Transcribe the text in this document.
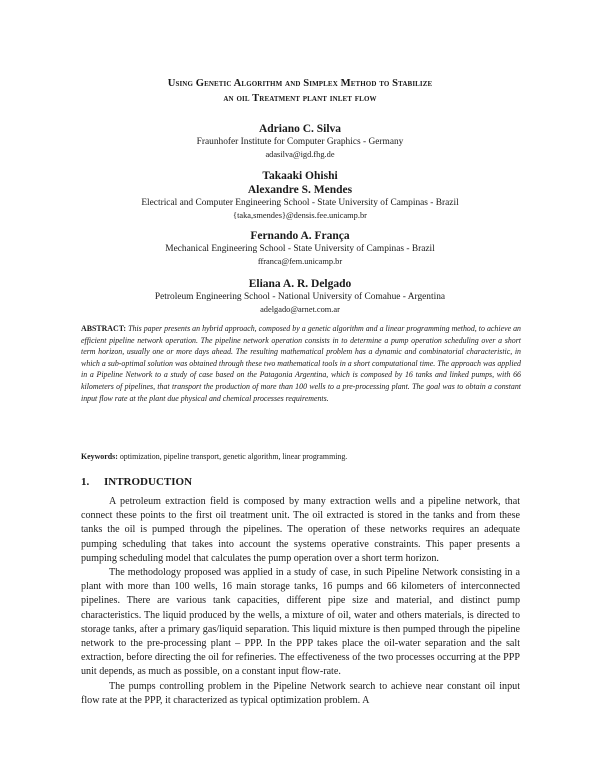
Using Genetic Algorithm and Simplex Method to Stabilize
an oil Treatment plant inlet flow
Adriano C. Silva
Fraunhofer Institute for Computer Graphics - Germany
adasilva@igd.fhg.de
Takaaki Ohishi
Alexandre S. Mendes
Electrical and Computer Engineering School - State University of Campinas - Brazil
{taka,smendes}@densis.fee.unicamp.br
Fernando A. França
Mechanical Engineering School - State University of Campinas - Brazil
ffranca@fem.unicamp.br
Eliana A. R. Delgado
Petroleum Engineering School - National University of Comahue - Argentina
adelgado@arnet.com.ar
ABSTRACT: This paper presents an hybrid approach, composed by a genetic algorithm and a linear programming method, to achieve an efficient pipeline network operation. The pipeline network operation consists in to determine a pump operation scheduling over a short term horizon, usually one or more days ahead. The resulting mathematical problem has a dynamic and combinatorial characteristic, in which a sub-optimal solution was obtained through these two mathematical tools in a short computational time. The approach was applied in a Pipeline Network to a study of case based on the Patagonia Argentina, which is composed by 16 tanks and linked pumps, with 66 kilometers of pipelines, that transport the production of more than 100 wells to a pre-processing plant. The goal was to obtain a constant input flow rate at the plant due physical and chemical processes requirements.
Keywords: optimization, pipeline transport, genetic algorithm, linear programming.
1. INTRODUCTION

A petroleum extraction field is composed by many extraction wells and a pipeline network, that connect these points to the first oil treatment unit. The oil extracted is stored in the tanks and from these tanks the oil is pumped through the pipelines. The operation of these networks requires an adequate pumping scheduling that takes into account the systems operative constraints. This paper presents a pumping scheduling model that calculates the pump operation over a short term horizon.

The methodology proposed was applied in a study of case, in such Pipeline Network consisting in a plant with more than 100 wells, 16 main storage tanks, 16 pumps and 66 kilometers of interconnected pipelines. There are various tank capacities, different pipe size and material, and distinct pump characteristics. The liquid produced by the wells, a mixture of oil, water and others materials, is directed to storage tanks, after a primary gas/liquid separation. This liquid mixture is then pumped through the pipeline network to the pre-processing plant – PPP. In the PPP takes place the oil-water separation and the salt extraction, before directing the oil for refineries. The effectiveness of the two processes occurring at the PPP unit depends, as much as possible, on a constant input flow-rate.

The pumps controlling problem in the Pipeline Network search to achieve near constant oil input flow rate at the PPP, it characterized as typical optimization problem. A
